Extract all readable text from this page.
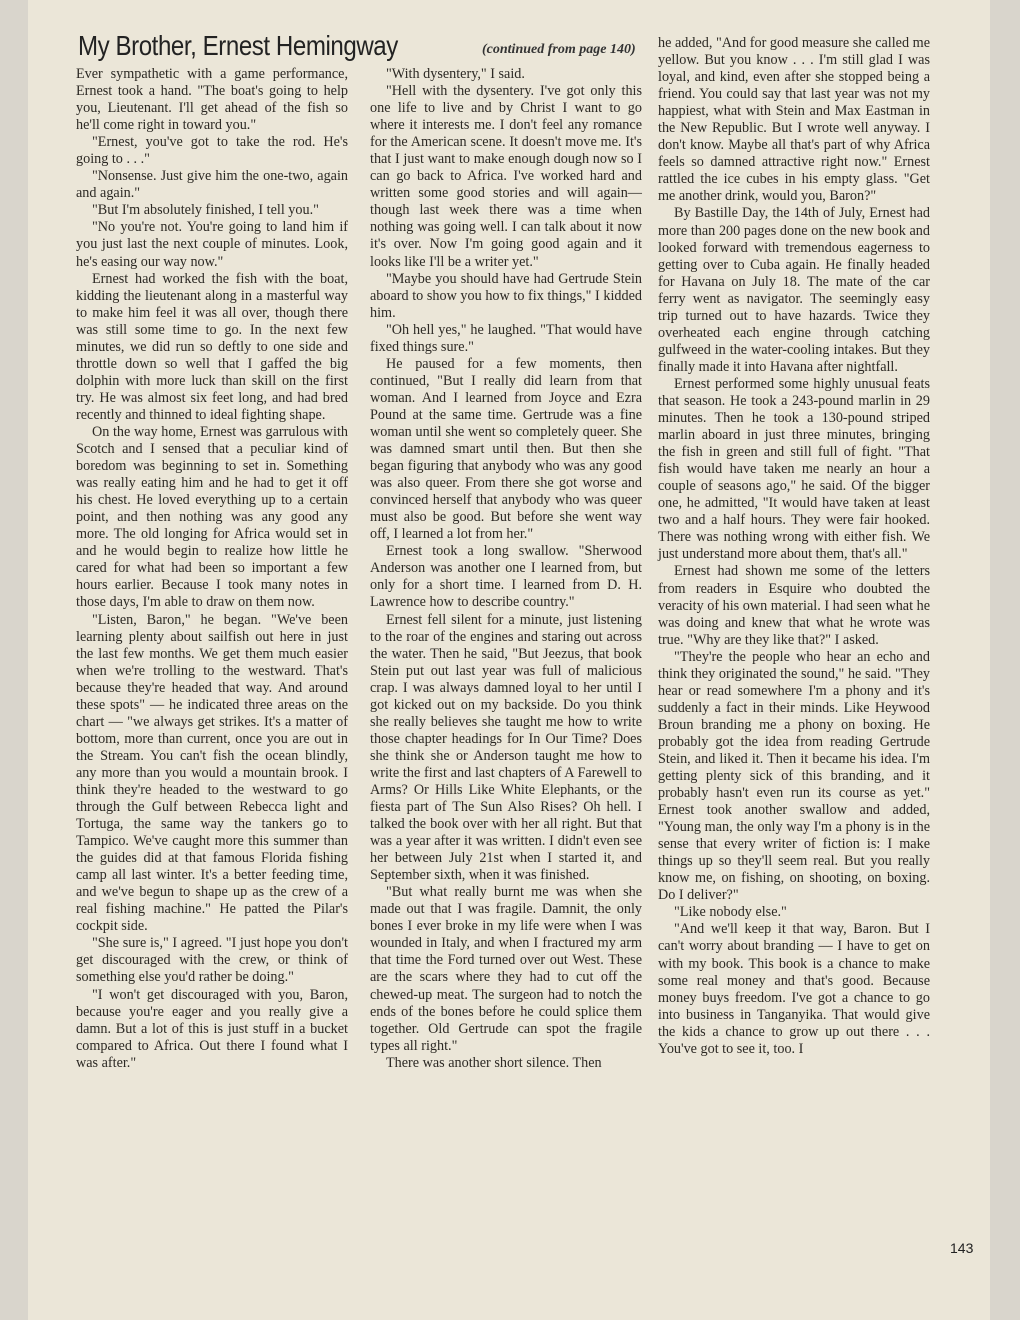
My Brother, Ernest Hemingway	(continued from page 140)

Ever sympathetic with a game performance, Ernest took a hand. "The boat's going to help you, Lieutenant. I'll get ahead of the fish so he'll come right in toward you."

"Ernest, you've got to take the rod. He's going to . . ."

"Nonsense. Just give him the one-two, again and again."

"But I'm absolutely finished, I tell you."

"No you're not. You're going to land him if you just last the next couple of minutes. Look, he's easing our way now."

Ernest had worked the fish with the boat, kidding the lieutenant along in a masterful way to make him feel it was all over, though there was still some time to go. In the next few minutes, we did run so deftly to one side and throttle down so well that I gaffed the big dolphin with more luck than skill on the first try. He was almost six feet long, and had bred recently and thinned to ideal fighting shape.

On the way home, Ernest was garrulous with Scotch and I sensed that a peculiar kind of boredom was beginning to set in. Something was really eating him and he had to get it off his chest. He loved everything up to a certain point, and then nothing was any good any more. The old longing for Africa would set in and he would begin to realize how little he cared for what had been so important a few hours earlier. Because I took many notes in those days, I'm able to draw on them now.

"Listen, Baron," he began. "We've been learning plenty about sailfish out here in just the last few months. We get them much easier when we're trolling to the westward. That's because they're headed that way. And around these spots" — he indicated three areas on the chart — "we always get strikes. It's a matter of bottom, more than current, once you are out in the Stream. You can't fish the ocean blindly, any more than you would a mountain brook. I think they're headed to the westward to go through the Gulf between Rebecca light and Tortuga, the same way the tankers go to Tampico. We've caught more this summer than the guides did at that famous Florida fishing camp all last winter. It's a better feeding time, and we've begun to shape up as the crew of a real fishing machine." He patted the Pilar's cockpit side.

"She sure is," I agreed. "I just hope you don't get discouraged with the crew, or think of something else you'd rather be doing."

"I won't get discouraged with you, Baron, because you're eager and you really give a damn. But a lot of this is just stuff in a bucket compared to Africa. Out there I found what I was after."

"With dysentery," I said.

"Hell with the dysentery. I've got only this one life to live and by Christ I want to go where it interests me. I don't feel any romance for the American scene. It doesn't move me. It's that I just want to make enough dough now so I can go back to Africa. I've worked hard and written some good stories and will again—though last week there was a time when nothing was going well. I can talk about it now it's over. Now I'm going good again and it looks like I'll be a writer yet."

"Maybe you should have had Gertrude Stein aboard to show you how to fix things," I kidded him.

"Oh hell yes," he laughed. "That would have fixed things sure."

He paused for a few moments, then continued, "But I really did learn from that woman. And I learned from Joyce and Ezra Pound at the same time. Gertrude was a fine woman until she went so completely queer. She was damned smart until then. But then she began figuring that anybody who was any good was also queer. From there she got worse and convinced herself that anybody who was queer must also be good. But before she went way off, I learned a lot from her."

Ernest took a long swallow. "Sherwood Anderson was another one I learned from, but only for a short time. I learned from D. H. Lawrence how to describe country."

Ernest fell silent for a minute, just listening to the roar of the engines and staring out across the water. Then he said, "But Jeezus, that book Stein put out last year was full of malicious crap. I was always damned loyal to her until I got kicked out on my backside. Do you think she really believes she taught me how to write those chapter headings for In Our Time? Does she think she or Anderson taught me how to write the first and last chapters of A Farewell to Arms? Or Hills Like White Elephants, or the fiesta part of The Sun Also Rises? Oh hell. I talked the book over with her all right. But that was a year after it was written. I didn't even see her between July 21st when I started it, and September sixth, when it was finished.

"But what really burnt me was when she made out that I was fragile. Damnit, the only bones I ever broke in my life were when I was wounded in Italy, and when I fractured my arm that time the Ford turned over out West. These are the scars where they had to cut off the chewed-up meat. The surgeon had to notch the ends of the bones before he could splice them together. Old Gertrude can spot the fragile types all right."

There was another short silence. Then

he added, "And for good measure she called me yellow. But you know . . . I'm still glad I was loyal, and kind, even after she stopped being a friend. You could say that last year was not my happiest, what with Stein and Max Eastman in the New Republic. But I wrote well anyway. I don't know. Maybe all that's part of why Africa feels so damned attractive right now." Ernest rattled the ice cubes in his empty glass. "Get me another drink, would you, Baron?"

By Bastille Day, the 14th of July, Ernest had more than 200 pages done on the new book and looked forward with tremendous eagerness to getting over to Cuba again. He finally headed for Havana on July 18. The mate of the car ferry went as navigator. The seemingly easy trip turned out to have hazards. Twice they overheated each engine through catching gulfweed in the water-cooling intakes. But they finally made it into Havana after nightfall.

Ernest performed some highly unusual feats that season. He took a 243-pound marlin in 29 minutes. Then he took a 130-pound striped marlin aboard in just three minutes, bringing the fish in green and still full of fight. "That fish would have taken me nearly an hour a couple of seasons ago," he said. Of the bigger one, he admitted, "It would have taken at least two and a half hours. They were fair hooked. There was nothing wrong with either fish. We just understand more about them, that's all."

Ernest had shown me some of the letters from readers in Esquire who doubted the veracity of his own material. I had seen what he was doing and knew that what he wrote was true. "Why are they like that?" I asked.

"They're the people who hear an echo and think they originated the sound," he said. "They hear or read somewhere I'm a phony and it's suddenly a fact in their minds. Like Heywood Broun branding me a phony on boxing. He probably got the idea from reading Gertrude Stein, and liked it. Then it became his idea. I'm getting plenty sick of this branding, and it probably hasn't even run its course as yet." Ernest took another swallow and added, "Young man, the only way I'm a phony is in the sense that every writer of fiction is: I make things up so they'll seem real. But you really know me, on fishing, on shooting, on boxing. Do I deliver?"

"Like nobody else."

"And we'll keep it that way, Baron. But I can't worry about branding — I have to get on with my book. This book is a chance to make some real money and that's good. Because money buys freedom. I've got a chance to go into business in Tanganyika. That would give the kids a chance to grow up out there . . . You've got to see it, too. I

143
